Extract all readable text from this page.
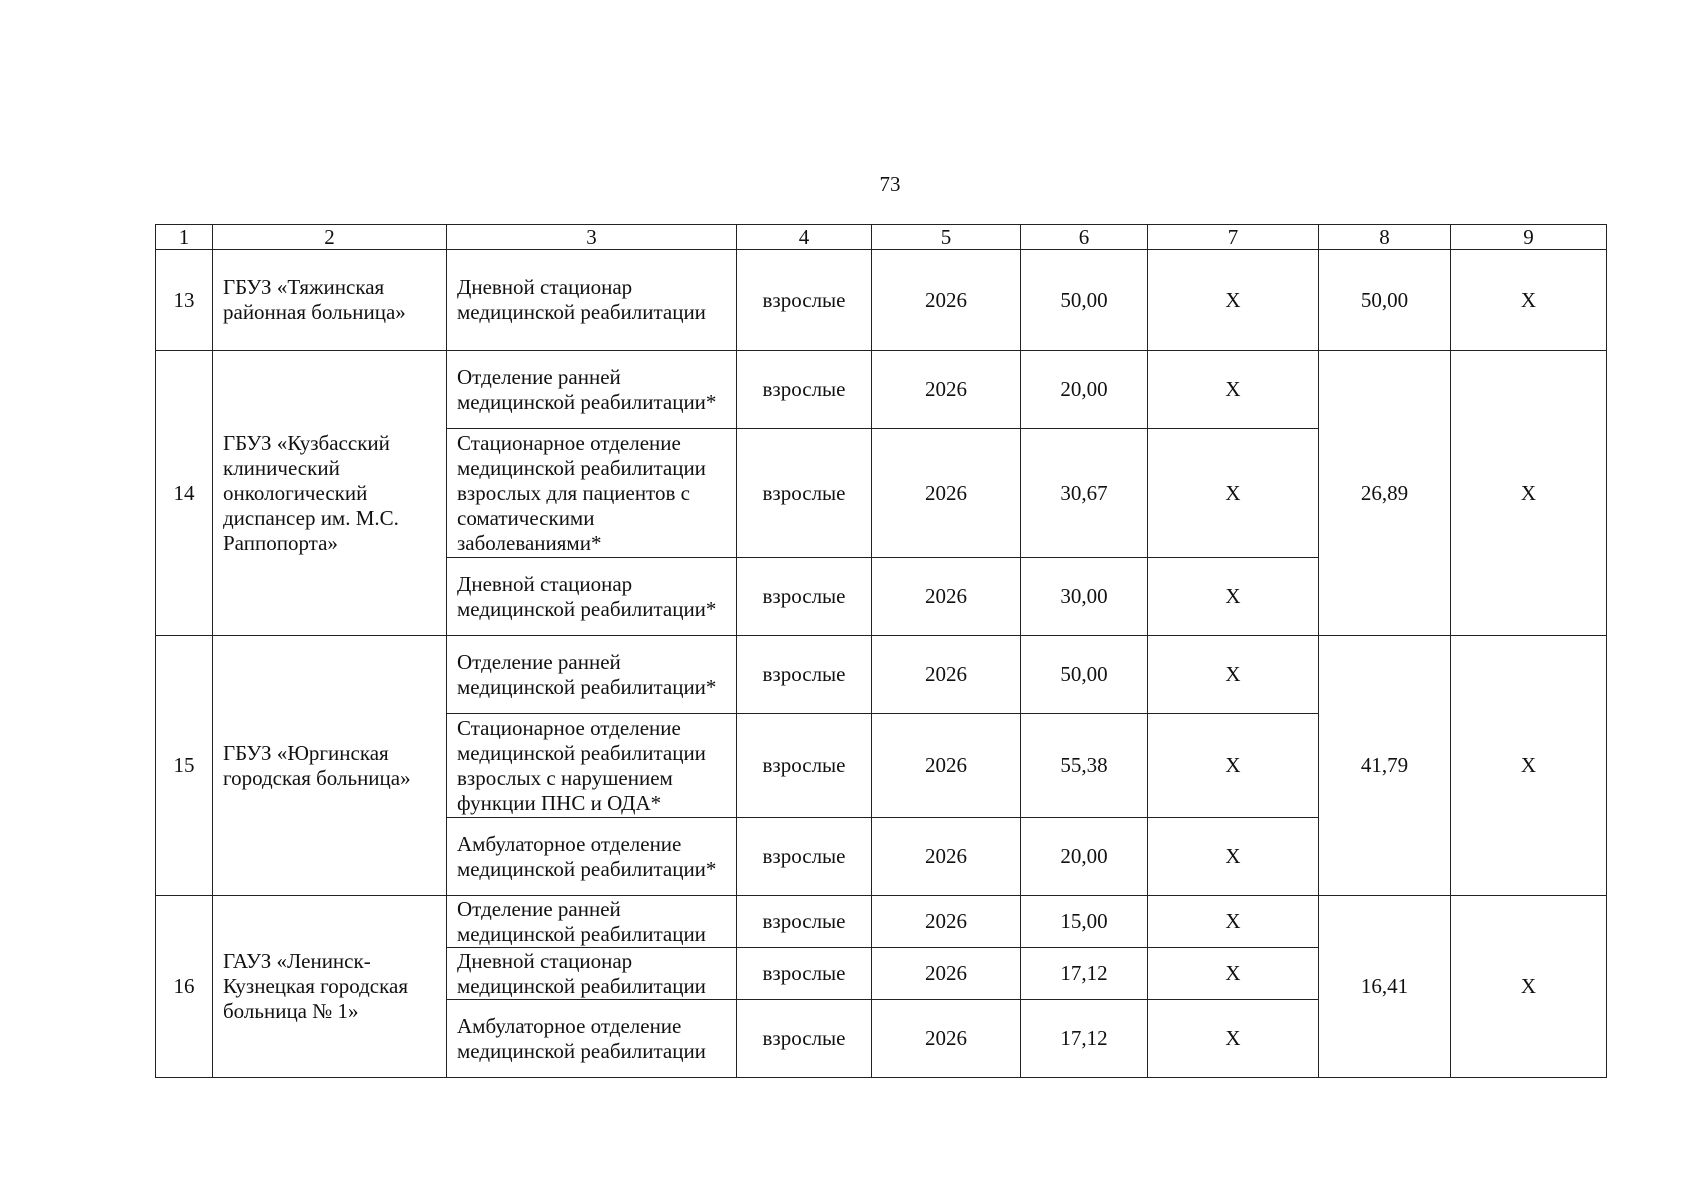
73
1	2	3	4	5	6	7	8	9
13	ГБУЗ «Тяжинская районная больница»	Дневной стационар медицинской реабилитации	взрослые	2026	50,00	X	50,00	X
14	ГБУЗ «Кузбасский клинический онкологический диспансер им. М.С. Раппопорта»	Отделение ранней медицинской реабилитации*	взрослые	2026	20,00	X	26,89	X
		Стационарное отделение медицинской реабилитации взрослых для пациентов с соматическими заболеваниями*	взрослые	2026	30,67	X		
		Дневной стационар медицинской реабилитации*	взрослые	2026	30,00	X		
15	ГБУЗ «Юргинская городская больница»	Отделение ранней медицинской реабилитации*	взрослые	2026	50,00	X	41,79	X
		Стационарное отделение медицинской реабилитации взрослых с нарушением функции ПНС и ОДА*	взрослые	2026	55,38	X		
		Амбулаторное отделение медицинской реабилитации*	взрослые	2026	20,00	X		
16	ГАУЗ «Ленинск-Кузнецкая городская больница № 1»	Отделение ранней медицинской реабилитации	взрослые	2026	15,00	X	16,41	X
		Дневной стационар медицинской реабилитации	взрослые	2026	17,12	X		
		Амбулаторное отделение медицинской реабилитации	взрослые	2026	17,12	X		
